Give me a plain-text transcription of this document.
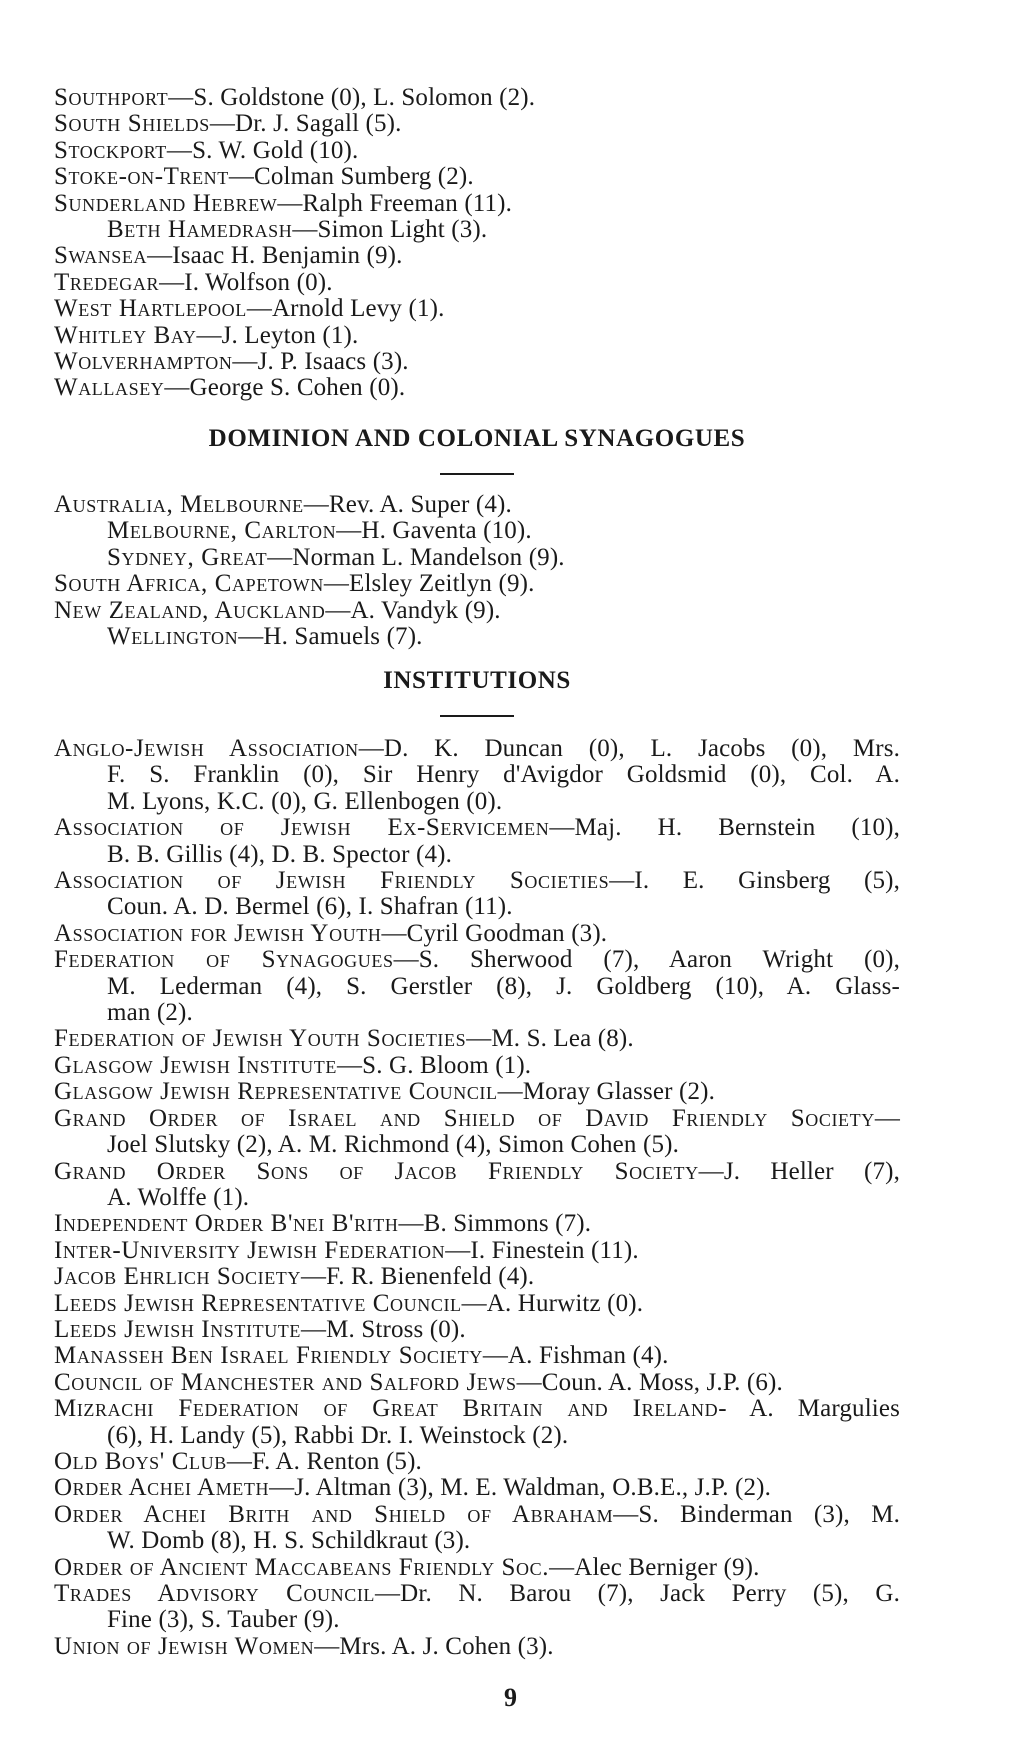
Southport—S. Goldstone (0), L. Solomon (2).
South Shields—Dr. J. Sagall (5).
Stockport—S. W. Gold (10).
Stoke-on-Trent—Colman Sumberg (2).
Sunderland Hebrew—Ralph Freeman (11).
Beth Hamedrash—Simon Light (3).
Swansea—Isaac H. Benjamin (9).
Tredegar—I. Wolfson (0).
West Hartlepool—Arnold Levy (1).
Whitley Bay—J. Leyton (1).
Wolverhampton—J. P. Isaacs (3).
Wallasey—George S. Cohen (0).
DOMINION AND COLONIAL SYNAGOGUES
Australia, Melbourne—Rev. A. Super (4).
Melbourne, Carlton—H. Gaventa (10).
Sydney, Great—Norman L. Mandelson (9).
South Africa, Capetown—Elsley Zeitlyn (9).
New Zealand, Auckland—A. Vandyk (9).
Wellington—H. Samuels (7).
INSTITUTIONS
Anglo-Jewish Association—D. K. Duncan (0), L. Jacobs (0), Mrs.
F. S. Franklin (0), Sir Henry d'Avigdor Goldsmid (0), Col. A.
M. Lyons, K.C. (0), G. Ellenbogen (0).
Association of Jewish Ex-Servicemen—Maj. H. Bernstein (10),
B. B. Gillis (4), D. B. Spector (4).
Association of Jewish Friendly Societies—I. E. Ginsberg (5),
Coun. A. D. Bermel (6), I. Shafran (11).
Association for Jewish Youth—Cyril Goodman (3).
Federation of Synagogues—S. Sherwood (7), Aaron Wright (0),
M. Lederman (4), S. Gerstler (8), J. Goldberg (10), A. Glass-
man (2).
Federation of Jewish Youth Societies—M. S. Lea (8).
Glasgow Jewish Institute—S. G. Bloom (1).
Glasgow Jewish Representative Council—Moray Glasser (2).
Grand Order of Israel and Shield of David Friendly Society—
Joel Slutsky (2), A. M. Richmond (4), Simon Cohen (5).
Grand Order Sons of Jacob Friendly Society—J. Heller (7),
A. Wolffe (1).
Independent Order B'nei B'rith—B. Simmons (7).
Inter-University Jewish Federation—I. Finestein (11).
Jacob Ehrlich Society—F. R. Bienenfeld (4).
Leeds Jewish Representative Council—A. Hurwitz (0).
Leeds Jewish Institute—M. Stross (0).
Manasseh Ben Israel Friendly Society—A. Fishman (4).
Council of Manchester and Salford Jews—Coun. A. Moss, J.P. (6).
Mizrachi Federation of Great Britain and Ireland- A. Margulies
(6), H. Landy (5), Rabbi Dr. I. Weinstock (2).
Old Boys' Club—F. A. Renton (5).
Order Achei Ameth—J. Altman (3), M. E. Waldman, O.B.E., J.P. (2).
Order Achei Brith and Shield of Abraham—S. Binderman (3), M.
W. Domb (8), H. S. Schildkraut (3).
Order of Ancient Maccabeans Friendly Soc.—Alec Berniger (9).
Trades Advisory Council—Dr. N. Barou (7), Jack Perry (5), G.
Fine (3), S. Tauber (9).
Union of Jewish Women—Mrs. A. J. Cohen (3).
9
